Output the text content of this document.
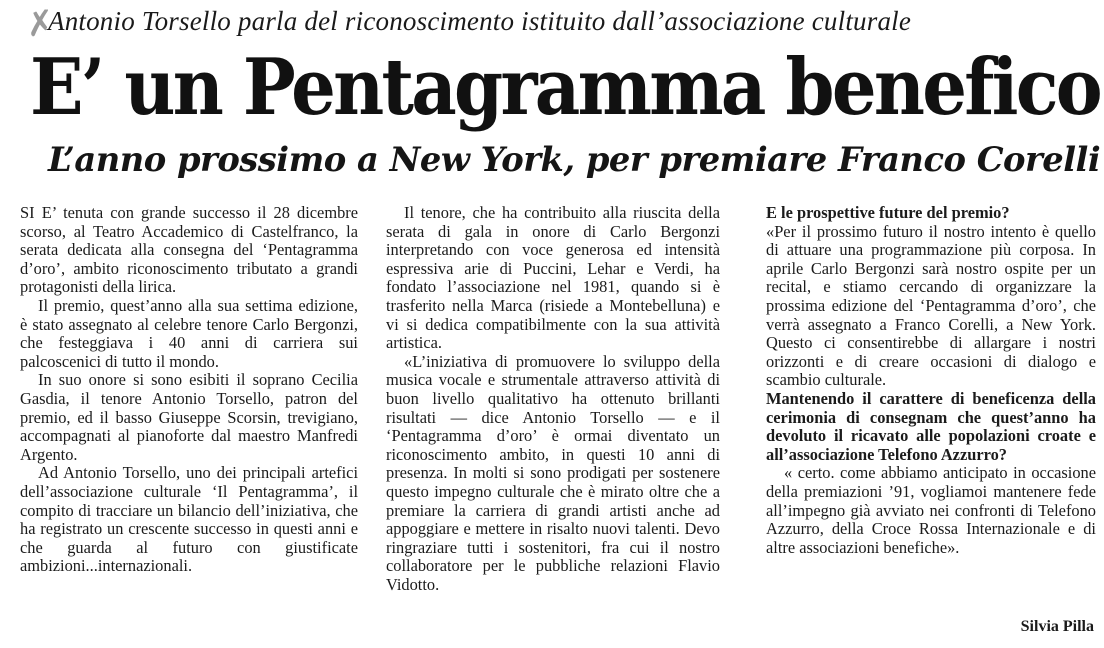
✗
Antonio Torsello parla del riconoscimento istituito dall’associazione culturale
E’ un Pentagramma benefico
L’anno prossimo a New York, per premiare Franco Corelli

SI E’ tenuta con grande successo il 28 dicembre scorso, al Teatro Accademico di Castelfranco, la serata dedicata alla consegna del ‘Pentagramma d’oro’, ambito riconoscimento tributato a grandi protagonisti della lirica.

Il premio, quest’anno alla sua settima edizione, è stato assegnato al celebre tenore Carlo Bergonzi, che festeggiava i 40 anni di carriera sui palcoscenici di tutto il mondo.

In suo onore si sono esibiti il soprano Cecilia Gasdia, il tenore Antonio Torsello, patron del premio, ed il basso Giuseppe Scorsin, trevigiano, accompagnati al pianoforte dal maestro Manfredi Argento.

Ad Antonio Torsello, uno dei principali artefici dell’associazione culturale ‘Il Pentagramma’, il compito di tracciare un bilancio dell’iniziativa, che ha registrato un crescente successo in questi anni e che guarda al futuro con giustificate ambizioni...internazionali.

Il tenore, che ha contribuito alla riuscita della serata di gala in onore di Carlo Bergonzi interpretando con voce generosa ed intensità espressiva arie di Puccini, Lehar e Verdi, ha fondato l’associazione nel 1981, quando si è trasferito nella Marca (risiede a Montebelluna) e vi si dedica compatibilmente con la sua attività artistica.

«L’iniziativa di promuovere lo sviluppo della musica vocale e strumentale attraverso attività di buon livello qualitativo ha ottenuto brillanti risultati — dice Antonio Torsello — e il ‘Pentagramma d’oro’ è ormai diventato un riconoscimento ambito, in questi 10 anni di presenza. In molti si sono prodigati per sostenere questo impegno culturale che è mirato oltre che a premiare la carriera di grandi artisti anche ad appoggiare e mettere in risalto nuovi talenti. Devo ringraziare tutti i sostenitori, fra cui il nostro collaboratore per le pubbliche relazioni Flavio Vidotto.

E le prospettive future del premio?

«Per il prossimo futuro il nostro intento è quello di attuare una programmazione più corposa. In aprile Carlo Bergonzi sarà nostro ospite per un recital, e stiamo cercando di organizzare la prossima edizione del ‘Pentagramma d’oro’, che verrà assegnato a Franco Corelli, a New York. Questo ci consentirebbe di allargare i nostri orizzonti e di creare occasioni di dialogo e scambio culturale.

Mantenendo il carattere di beneficenza della cerimonia di consegnam che quest’anno ha devoluto il ricavato alle popolazioni croate e all’associazione Telefono Azzurro?

« certo. come abbiamo anticipato in occasione della premiazioni ’91, vogliamoi mantenere fede all’impegno già avviato nei confronti di Telefono Azzurro, della Croce Rossa Internazionale e di altre associazioni benefiche».

Silvia Pilla
